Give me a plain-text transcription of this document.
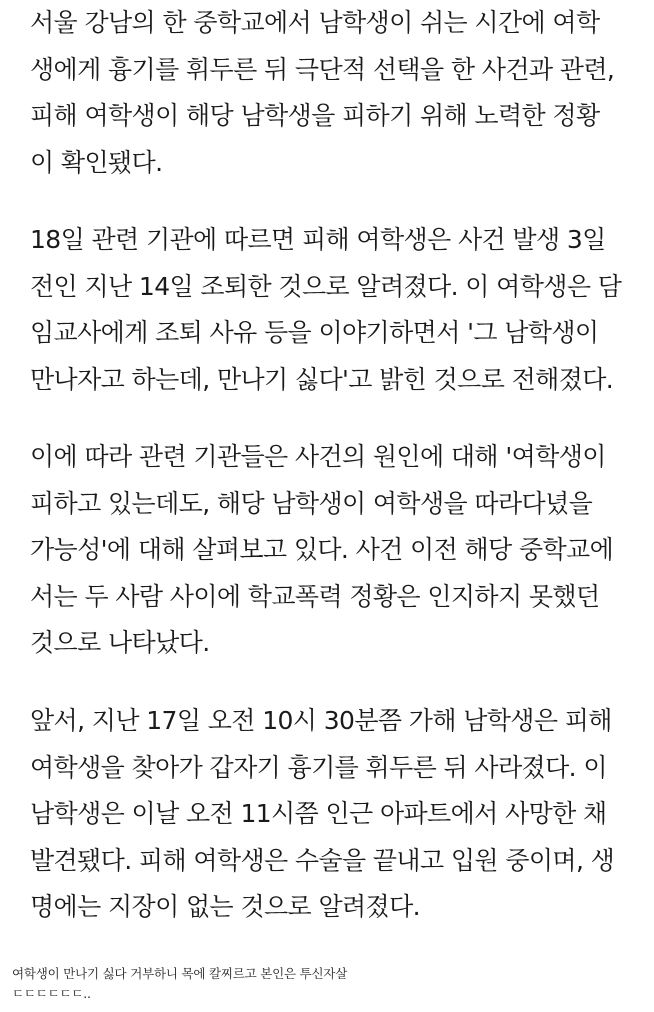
서울 강남의 한 중학교에서 남학생이 쉬는 시간에 여학
생에게 흉기를 휘두른 뒤 극단적 선택을 한 사건과 관련,
피해 여학생이 해당 남학생을 피하기 위해 노력한 정황
이 확인됐다.
18일 관련 기관에 따르면 피해 여학생은 사건 발생 3일
전인 지난 14일 조퇴한 것으로 알려졌다. 이 여학생은 담
임교사에게 조퇴 사유 등을 이야기하면서 '그 남학생이
만나자고 하는데, 만나기 싫다'고 밝힌 것으로 전해졌다.
이에 따라 관련 기관들은 사건의 원인에 대해 '여학생이
피하고 있는데도, 해당 남학생이 여학생을 따라다녔을
가능성'에 대해 살펴보고 있다. 사건 이전 해당 중학교에
서는 두 사람 사이에 학교폭력 정황은 인지하지 못했던
것으로 나타났다.
앞서, 지난 17일 오전 10시 30분쯤 가해 남학생은 피해
여학생을 찾아가 갑자기 흉기를 휘두른 뒤 사라졌다. 이
남학생은 이날 오전 11시쯤 인근 아파트에서 사망한 채
발견됐다. 피해 여학생은 수술을 끝내고 입원 중이며, 생
명에는 지장이 없는 것으로 알려졌다.
여학생이 만나기 싫다 거부하니 목에 칼찌르고 본인은 투신자살
ㄷㄷㄷㄷㄷㄷ..
